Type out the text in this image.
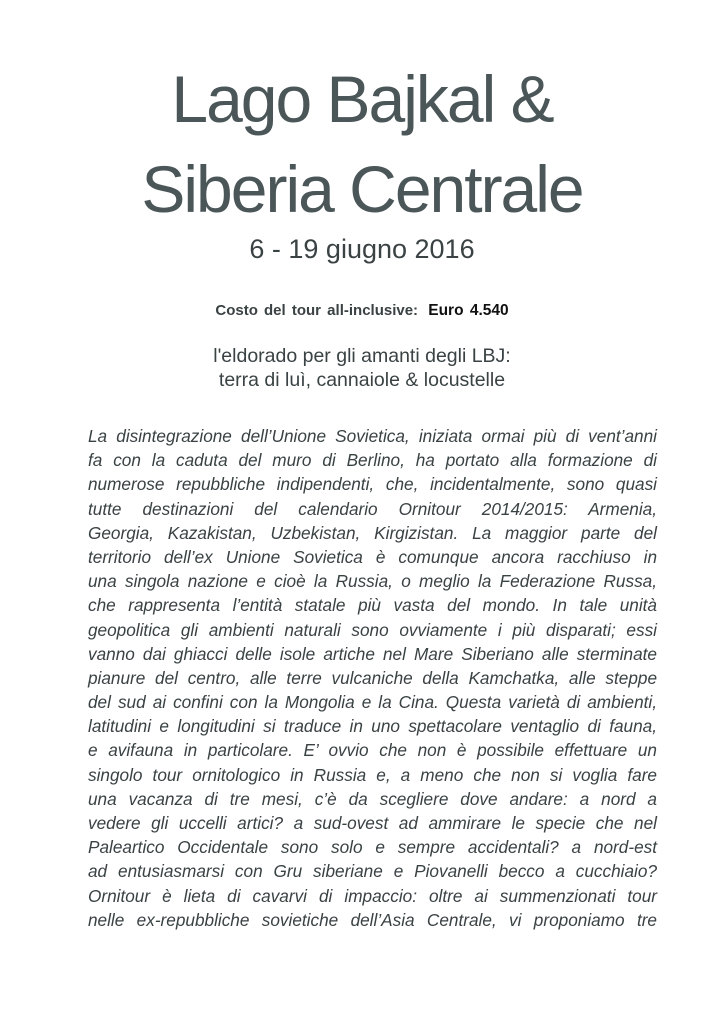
Lago Bajkal &
Siberia Centrale
6 - 19 giugno 2016
Costo del tour all-inclusive: Euro 4.540
l'eldorado per gli amanti degli LBJ:
terra di luì, cannaiole & locustelle
La disintegrazione dell’Unione Sovietica, iniziata ormai più di vent’anni
fa con la caduta del muro di Berlino, ha portato alla formazione di
numerose repubbliche indipendenti, che, incidentalmente, sono quasi
tutte destinazioni del calendario Ornitour 2014/2015: Armenia,
Georgia, Kazakistan, Uzbekistan, Kirgizistan. La maggior parte del
territorio dell’ex Unione Sovietica è comunque ancora racchiuso in
una singola nazione e cioè la Russia, o meglio la Federazione Russa,
che rappresenta l’entità statale più vasta del mondo. In tale unità
geopolitica gli ambienti naturali sono ovviamente i più disparati; essi
vanno dai ghiacci delle isole artiche nel Mare Siberiano alle sterminate
pianure del centro, alle terre vulcaniche della Kamchatka, alle steppe
del sud ai confini con la Mongolia e la Cina. Questa varietà di ambienti,
latitudini e longitudini si traduce in uno spettacolare ventaglio di fauna,
e avifauna in particolare. E’ ovvio che non è possibile effettuare un
singolo tour ornitologico in Russia e, a meno che non si voglia fare
una vacanza di tre mesi, c’è da scegliere dove andare: a nord a
vedere gli uccelli artici? a sud-ovest ad ammirare le specie che nel
Paleartico Occidentale sono solo e sempre accidentali? a nord-est
ad entusiasmarsi con Gru siberiane e Piovanelli becco a cucchiaio?
Ornitour è lieta di cavarvi di impaccio: oltre ai summenzionati tour
nelle ex-repubbliche sovietiche dell’Asia Centrale, vi proponiamo tre
